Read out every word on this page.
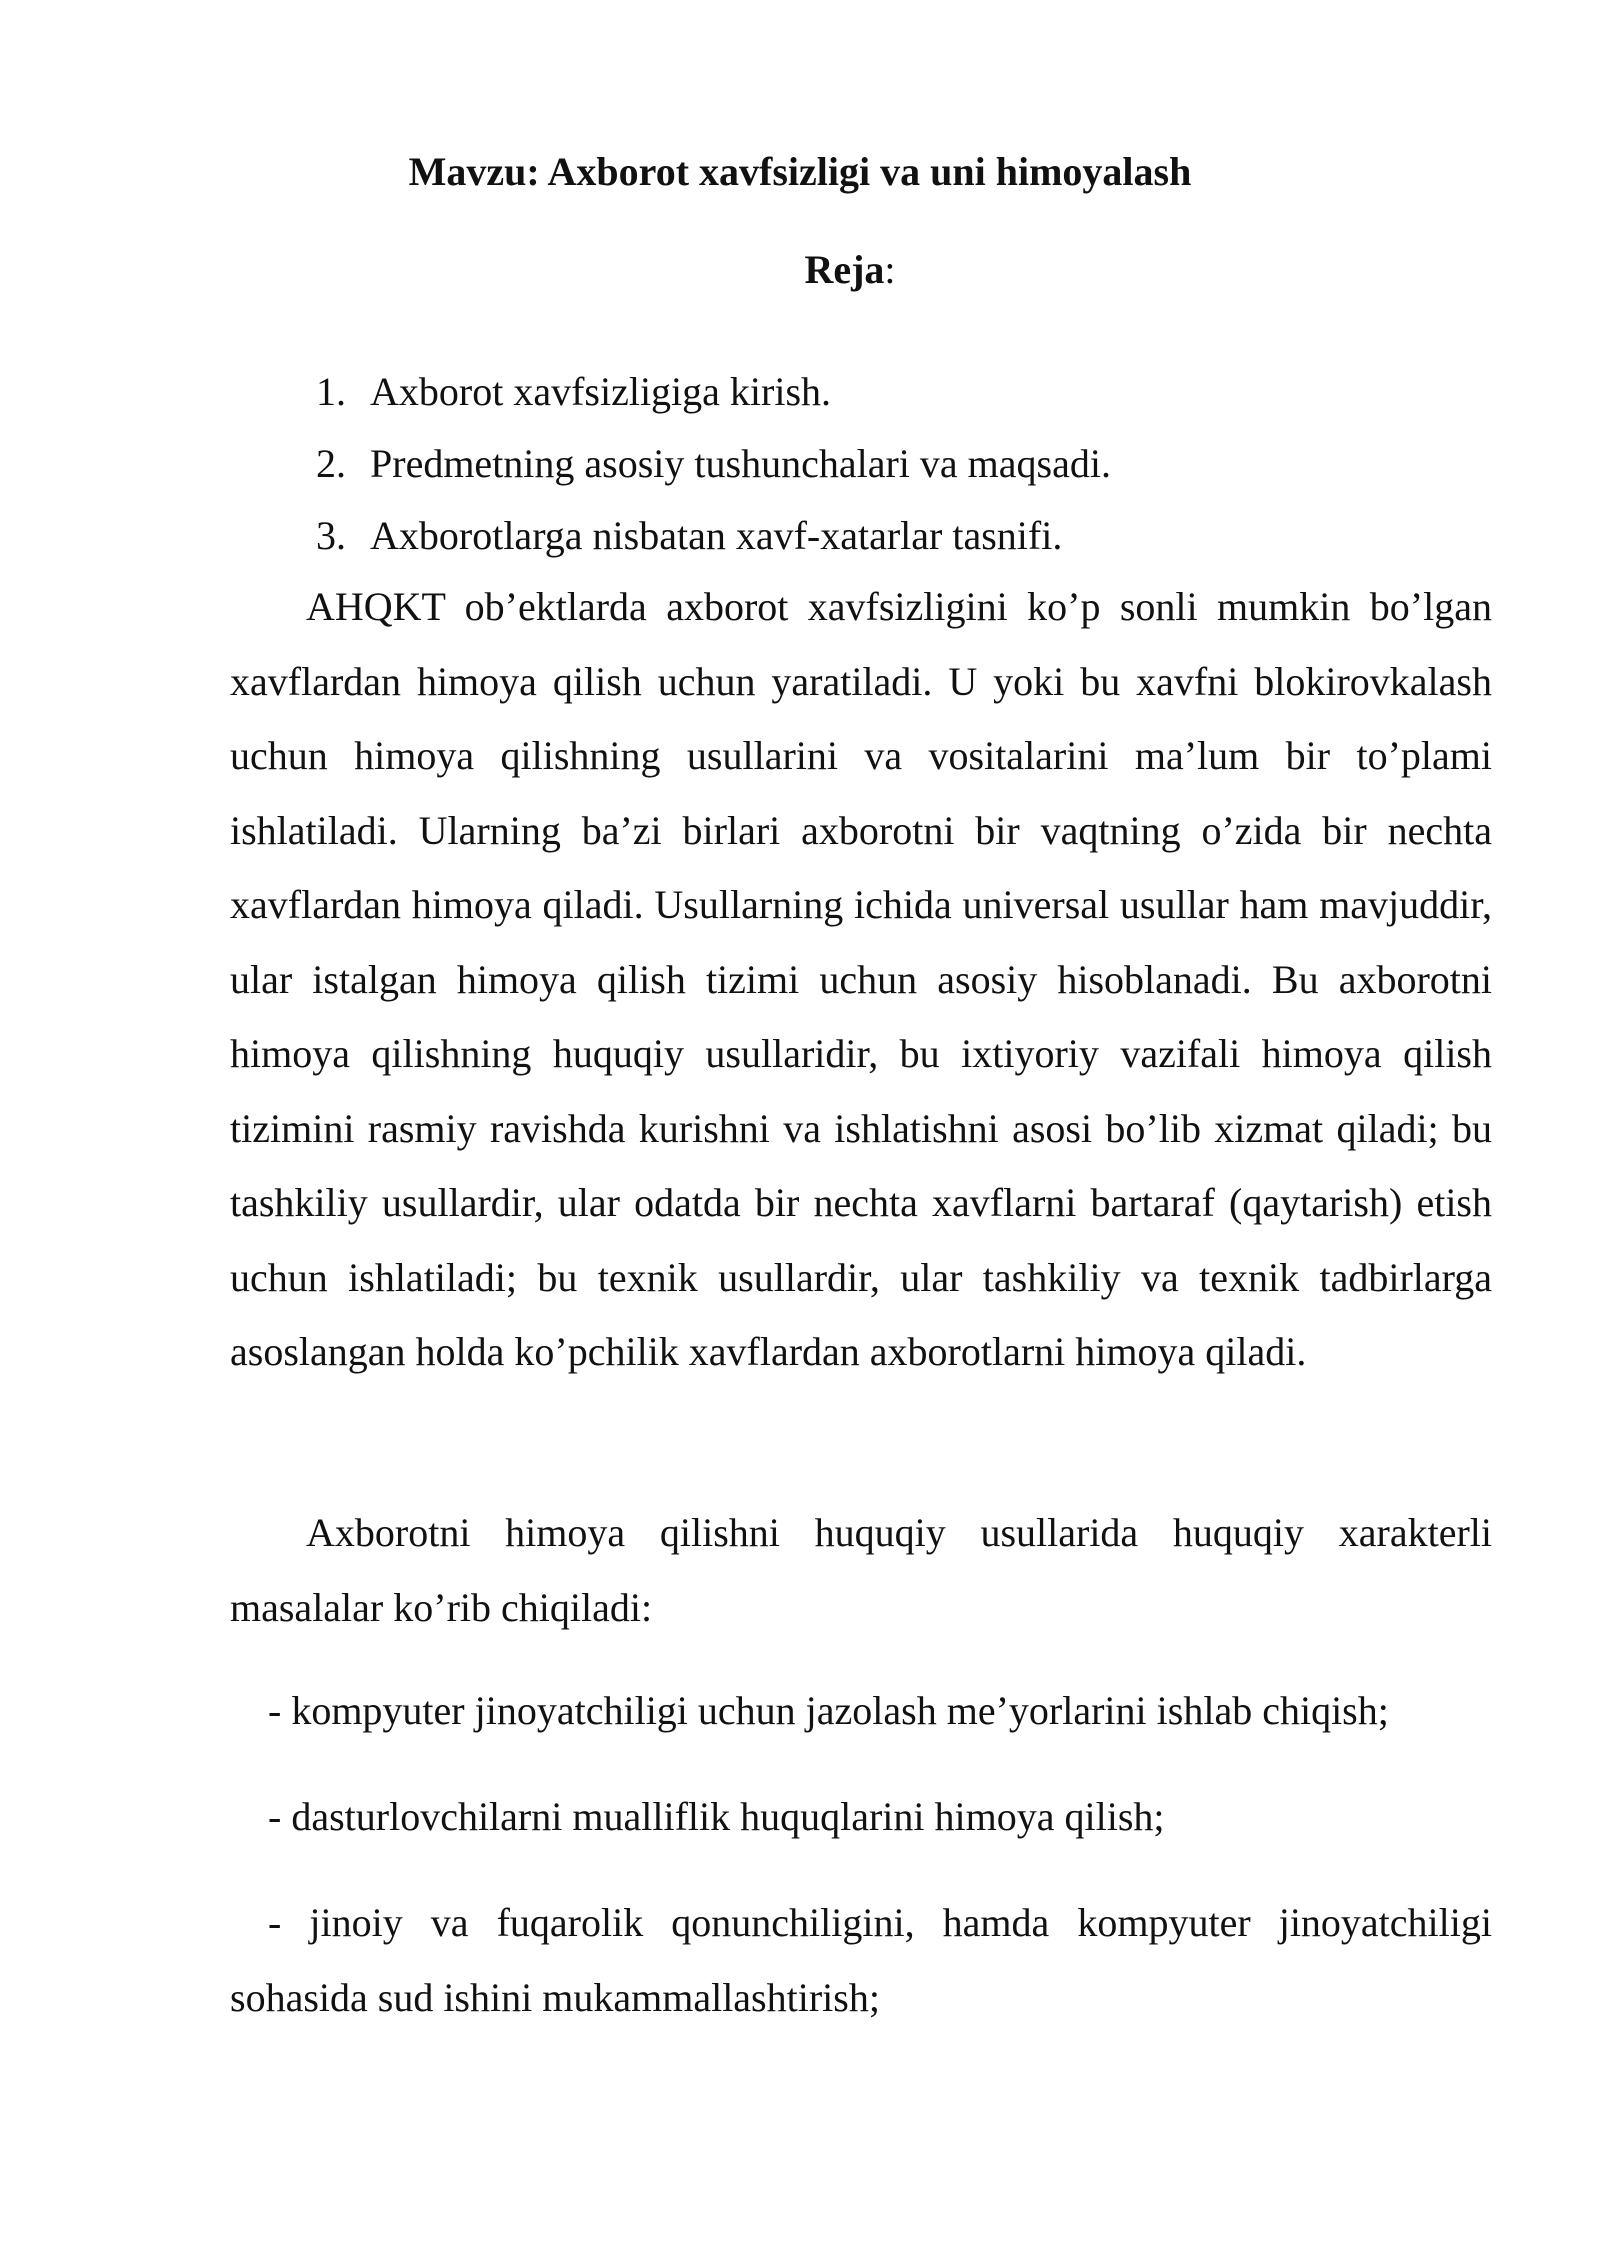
Mavzu: Axborot xavfsizligi va uni himoyalash

Reja:

1. Axborot xavfsizligiga kirish.
2. Predmetning asosiy tushunchalari va maqsadi.
3. Axborotlarga nisbatan xavf-xatarlar tasnifi.

AHQKT ob’ektlarda axborot xavfsizligini ko’p sonli mumkin bo’lgan xavflardan himoya qilish uchun yaratiladi. U yoki bu xavfni blokirovkalash uchun himoya qilishning usullarini va vositalarini ma’lum bir to’plami ishlatiladi. Ularning ba’zi birlari axborotni bir vaqtning o’zida bir nechta xavflardan himoya qiladi. Usullarning ichida universal usullar ham mavjuddir, ular istalgan himoya qilish tizimi uchun asosiy hisoblanadi. Bu axborotni himoya qilishning huquqiy usullaridir, bu ixtiyoriy vazifali himoya qilish tizimini rasmiy ravishda kurishni va ishlatishni asosi bo’lib xizmat qiladi; bu tashkiliy usullardir, ular odatda bir nechta xavflarni bartaraf (qaytarish) etish uchun ishlatiladi; bu texnik usullardir, ular tashkiliy va texnik tadbirlarga asoslangan holda ko’pchilik xavflardan axborotlarni himoya qiladi.

Axborotni himoya qilishni huquqiy usullarida huquqiy xarakterli masalalar ko’rib chiqiladi:

- kompyuter jinoyatchiligi uchun jazolash me’yorlarini ishlab chiqish;

- dasturlovchilarni mualliflik huquqlarini himoya qilish;

- jinoiy va fuqarolik qonunchiligini, hamda kompyuter jinoyatchiligi sohasida sud ishini mukammallashtirish;
